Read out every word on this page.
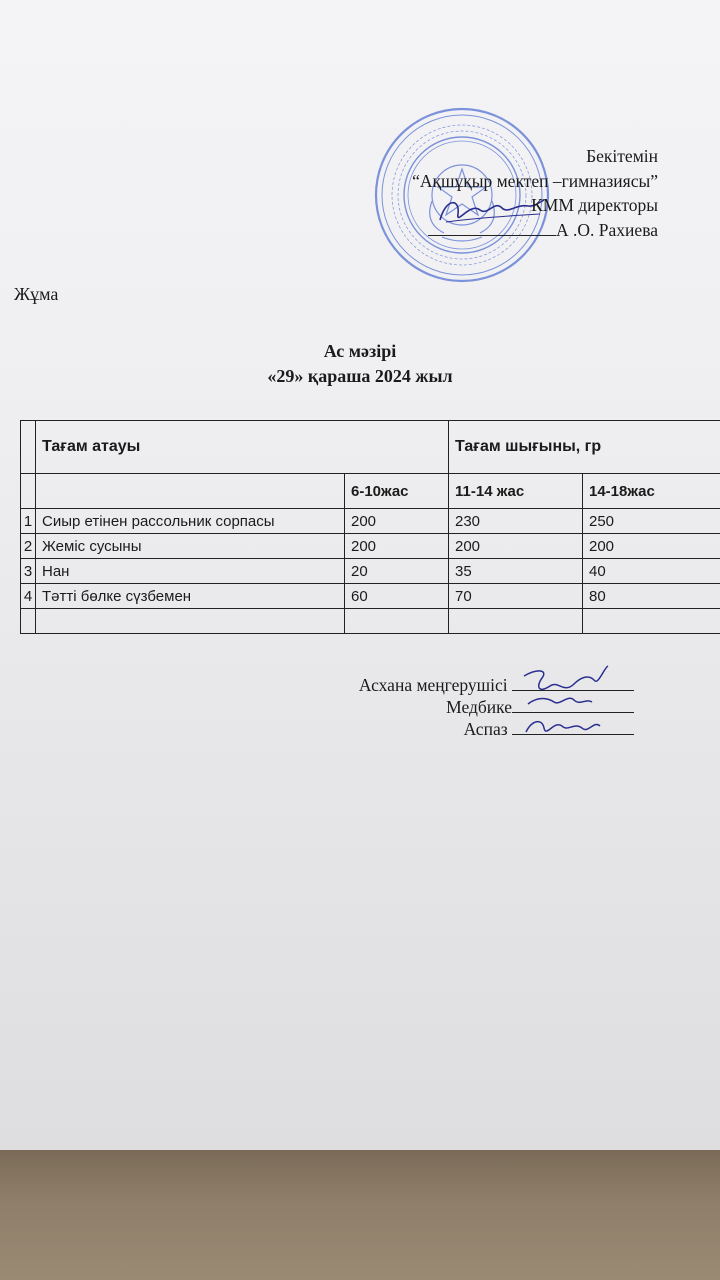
Бекітемін
“Ақшұқыр мектеп –гимназиясы”
КММ директоры
А .О. Рахиева
Жұма
Ас мәзірі
«29» қараша 2024 жыл
	Тағам атауы		Тағам шығыны, гр	
		6-10жас	11-14 жас	14-18жас
1	Сиыр етінен рассольник сорпасы	200	230	250
2	Жеміс сусыны	200	200	200
3	Нан	20	35	40
4	Тәтті бөлке сүзбемен	60	70	80

Асхана меңгерушісі
Медбике
Аспаз
